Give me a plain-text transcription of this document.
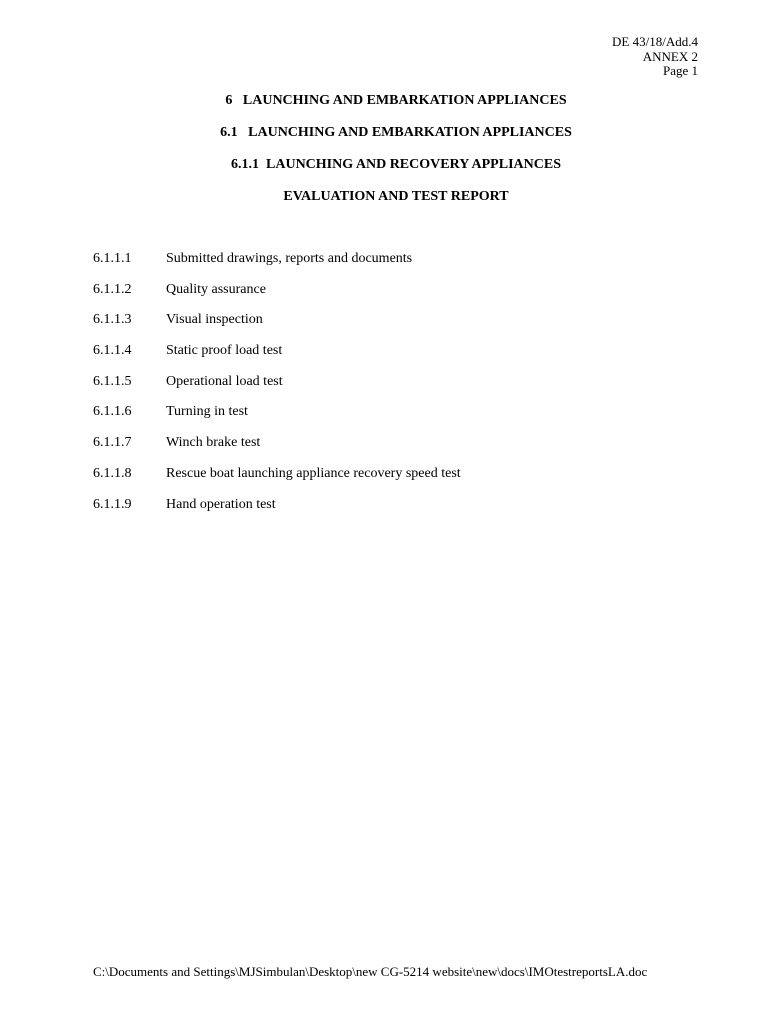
DE 43/18/Add.4
ANNEX 2
Page 1
6   LAUNCHING AND EMBARKATION APPLIANCES
6.1   LAUNCHING AND EMBARKATION APPLIANCES
6.1.1  LAUNCHING AND RECOVERY APPLIANCES
EVALUATION AND TEST REPORT
6.1.1.1 Submitted drawings, reports and documents
6.1.1.2 Quality assurance
6.1.1.3 Visual inspection
6.1.1.4 Static proof load test
6.1.1.5 Operational load test
6.1.1.6 Turning in test
6.1.1.7 Winch brake test
6.1.1.8 Rescue boat launching appliance recovery speed test
6.1.1.9 Hand operation test
C:\Documents and Settings\MJSimbulan\Desktop\new CG-5214 website\new\docs\IMOtestreportsLA.doc
